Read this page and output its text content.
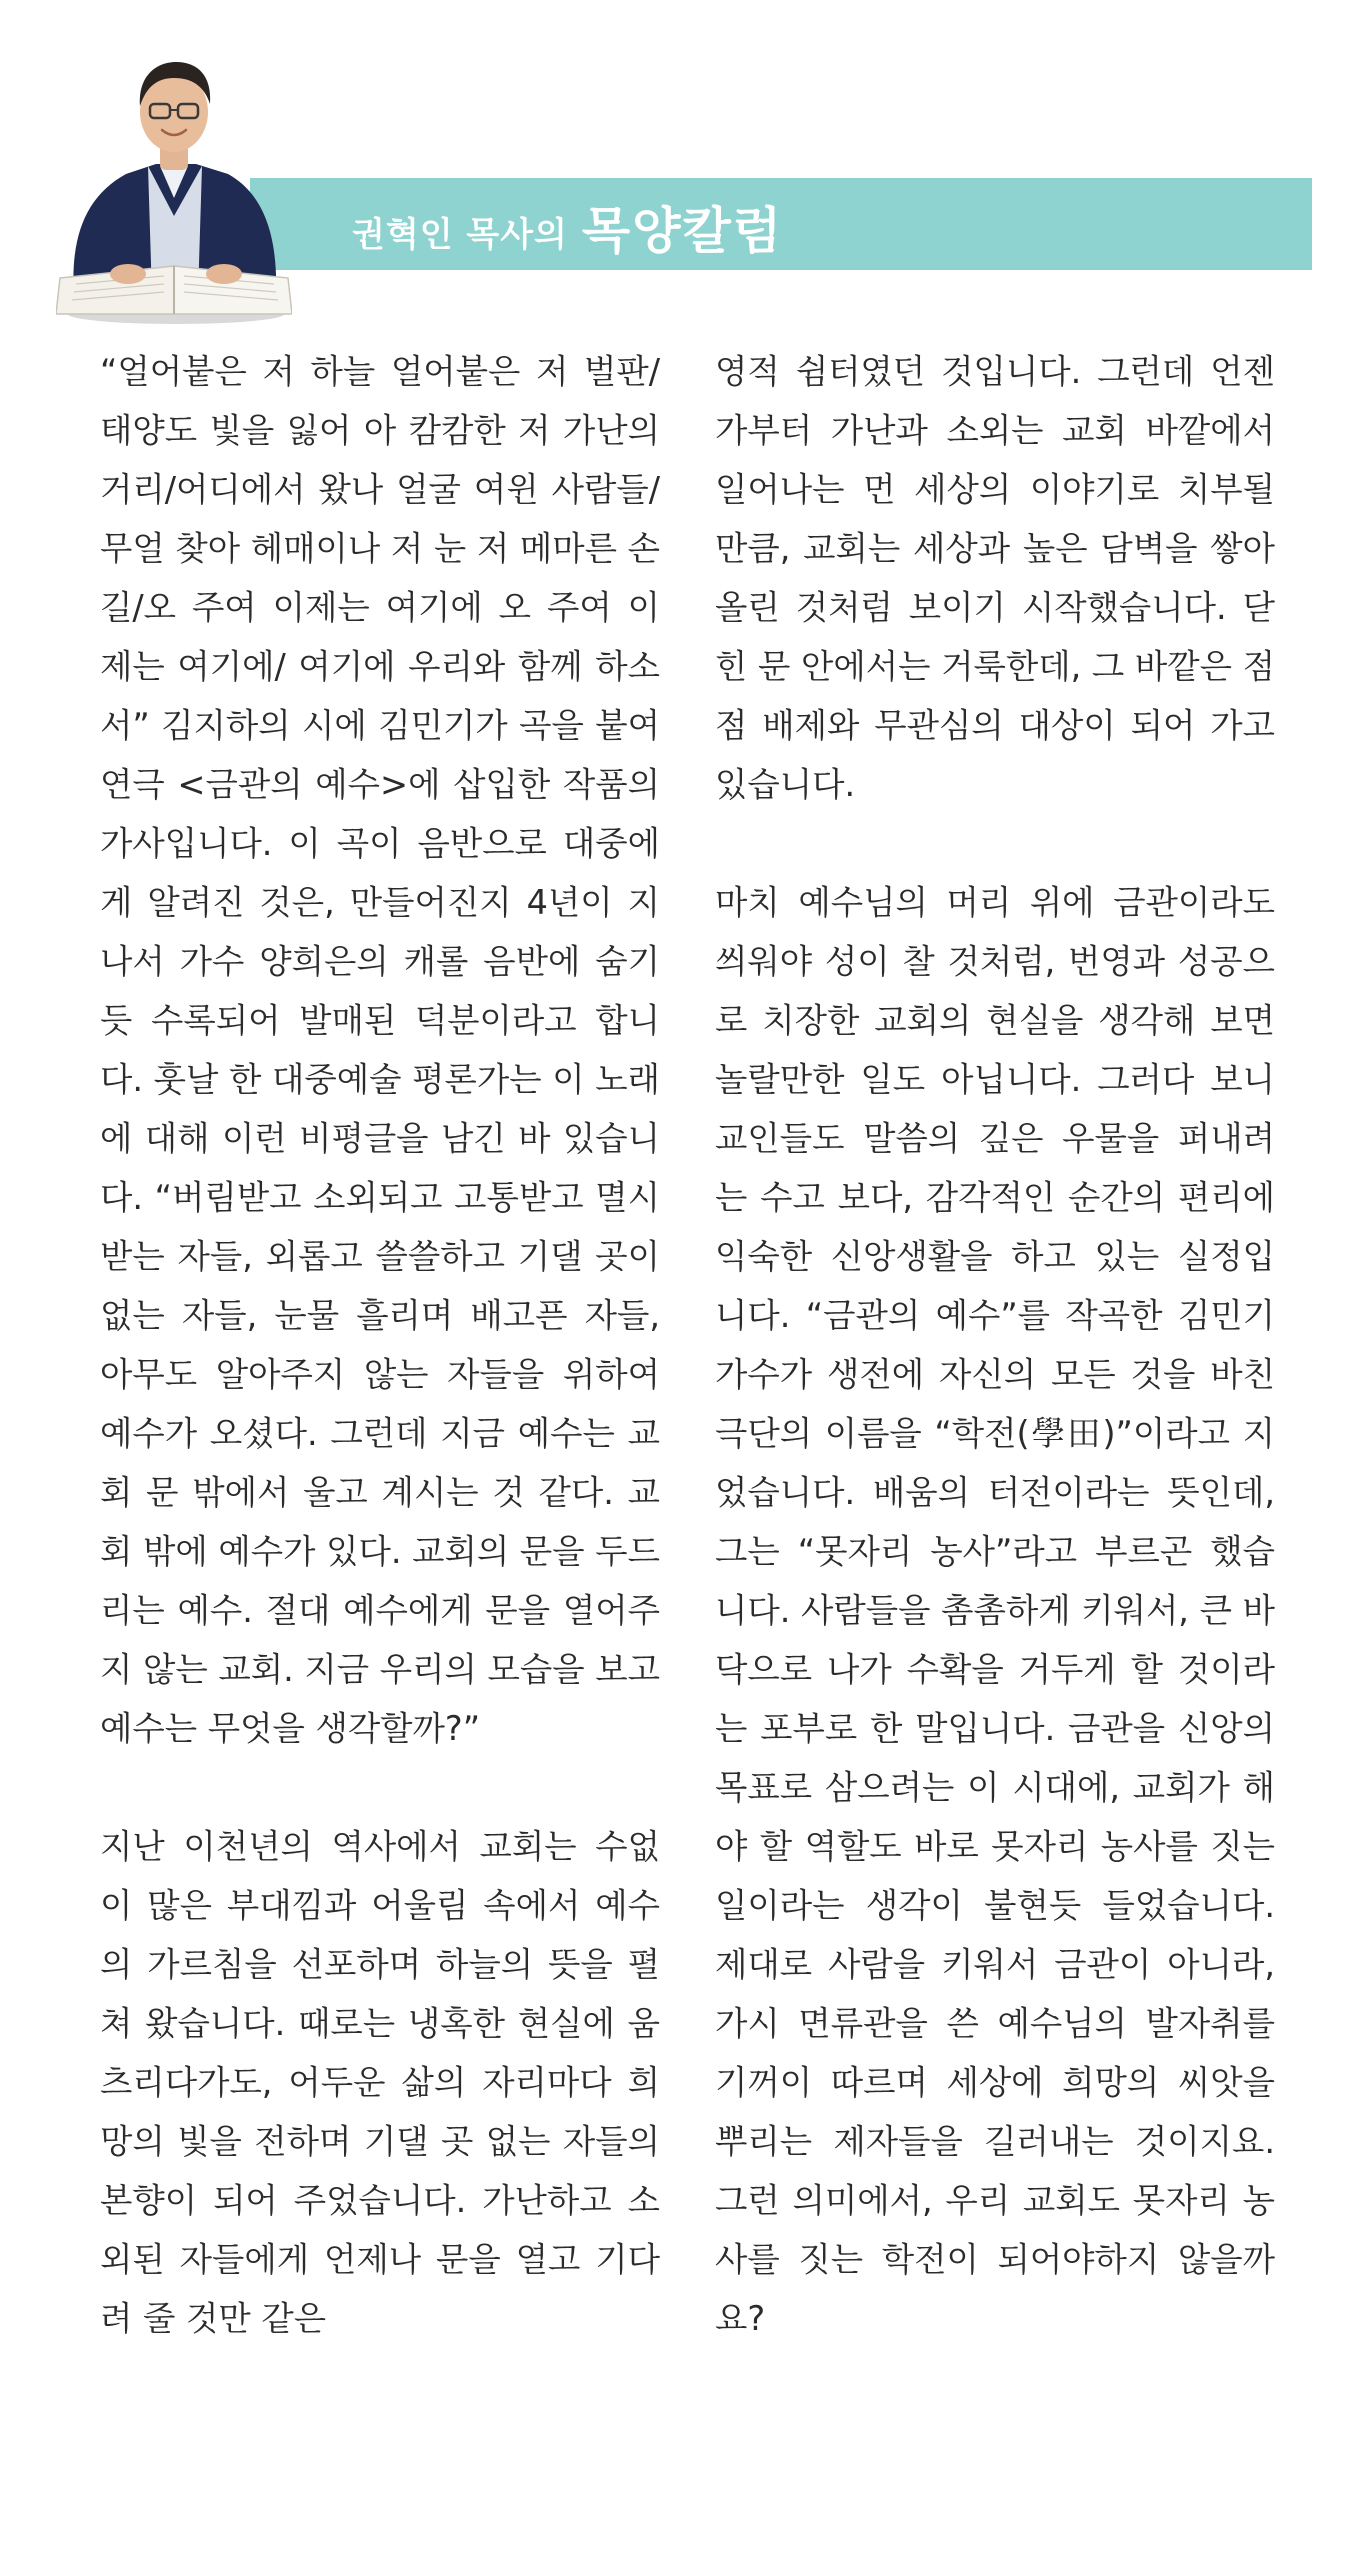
권혁인 목사의 목양칼럼

“얼어붙은 저 하늘 얼어붙은 저 벌판/태양도 빛을 잃어 아 캄캄한 저 가난의 거리/어디에서 왔나 얼굴 여윈 사람들/무얼 찾아 헤매이나 저 눈 저 메마른 손길/오 주여 이제는 여기에 오 주여 이제는 여기에/ 여기에 우리와 함께 하소서” 김지하의 시에 김민기가 곡을 붙여 연극 <금관의 예수>에 삽입한 작품의 가사입니다. 이 곡이 음반으로 대중에게 알려진 것은, 만들어진지 4년이 지나서 가수 양희은의 캐롤 음반에 숨기듯 수록되어 발매된 덕분이라고 합니다. 훗날 한 대중예술 평론가는 이 노래에 대해 이런 비평글을 남긴 바 있습니다. “버림받고 소외되고 고통받고 멸시받는 자들, 외롭고 쓸쓸하고 기댈 곳이 없는 자들, 눈물 흘리며 배고픈 자들, 아무도 알아주지 않는 자들을 위하여 예수가 오셨다. 그런데 지금 예수는 교회 문 밖에서 울고 계시는 것 같다. 교회 밖에 예수가 있다. 교회의 문을 두드리는 예수. 절대 예수에게 문을 열어주지 않는 교회. 지금 우리의 모습을 보고 예수는 무엇을 생각할까?”

지난 이천년의 역사에서 교회는 수없이 많은 부대낌과 어울림 속에서 예수의 가르침을 선포하며 하늘의 뜻을 펼쳐 왔습니다. 때로는 냉혹한 현실에 움츠리다가도, 어두운 삶의 자리마다 희망의 빛을 전하며 기댈 곳 없는 자들의 본향이 되어 주었습니다. 가난하고 소외된 자들에게 언제나 문을 열고 기다려 줄 것만 같은

영적 쉼터였던 것입니다. 그런데 언젠가부터 가난과 소외는 교회 바깥에서 일어나는 먼 세상의 이야기로 치부될만큼, 교회는 세상과 높은 담벽을 쌓아 올린 것처럼 보이기 시작했습니다. 닫힌 문 안에서는 거룩한데, 그 바깥은 점점 배제와 무관심의 대상이 되어 가고 있습니다.

마치 예수님의 머리 위에 금관이라도 씌워야 성이 찰 것처럼, 번영과 성공으로 치장한 교회의 현실을 생각해 보면 놀랄만한 일도 아닙니다. 그러다 보니 교인들도 말씀의 깊은 우물을 퍼내려는 수고 보다, 감각적인 순간의 편리에 익숙한 신앙생활을 하고 있는 실정입니다. “금관의 예수”를 작곡한 김민기 가수가 생전에 자신의 모든 것을 바친 극단의 이름을 “학전(學田)”이라고 지었습니다. 배움의 터전이라는 뜻인데, 그는 “못자리 농사”라고 부르곤 했습니다. 사람들을 촘촘하게 키워서, 큰 바닥으로 나가 수확을 거두게 할 것이라는 포부로 한 말입니다. 금관을 신앙의 목표로 삼으려는 이 시대에, 교회가 해야 할 역할도 바로 못자리 농사를 짓는 일이라는 생각이 불현듯 들었습니다. 제대로 사람을 키워서 금관이 아니라, 가시 면류관을 쓴 예수님의 발자취를 기꺼이 따르며 세상에 희망의 씨앗을 뿌리는 제자들을 길러내는 것이지요. 그런 의미에서, 우리 교회도 못자리 농사를 짓는 학전이 되어야하지 않을까요?
